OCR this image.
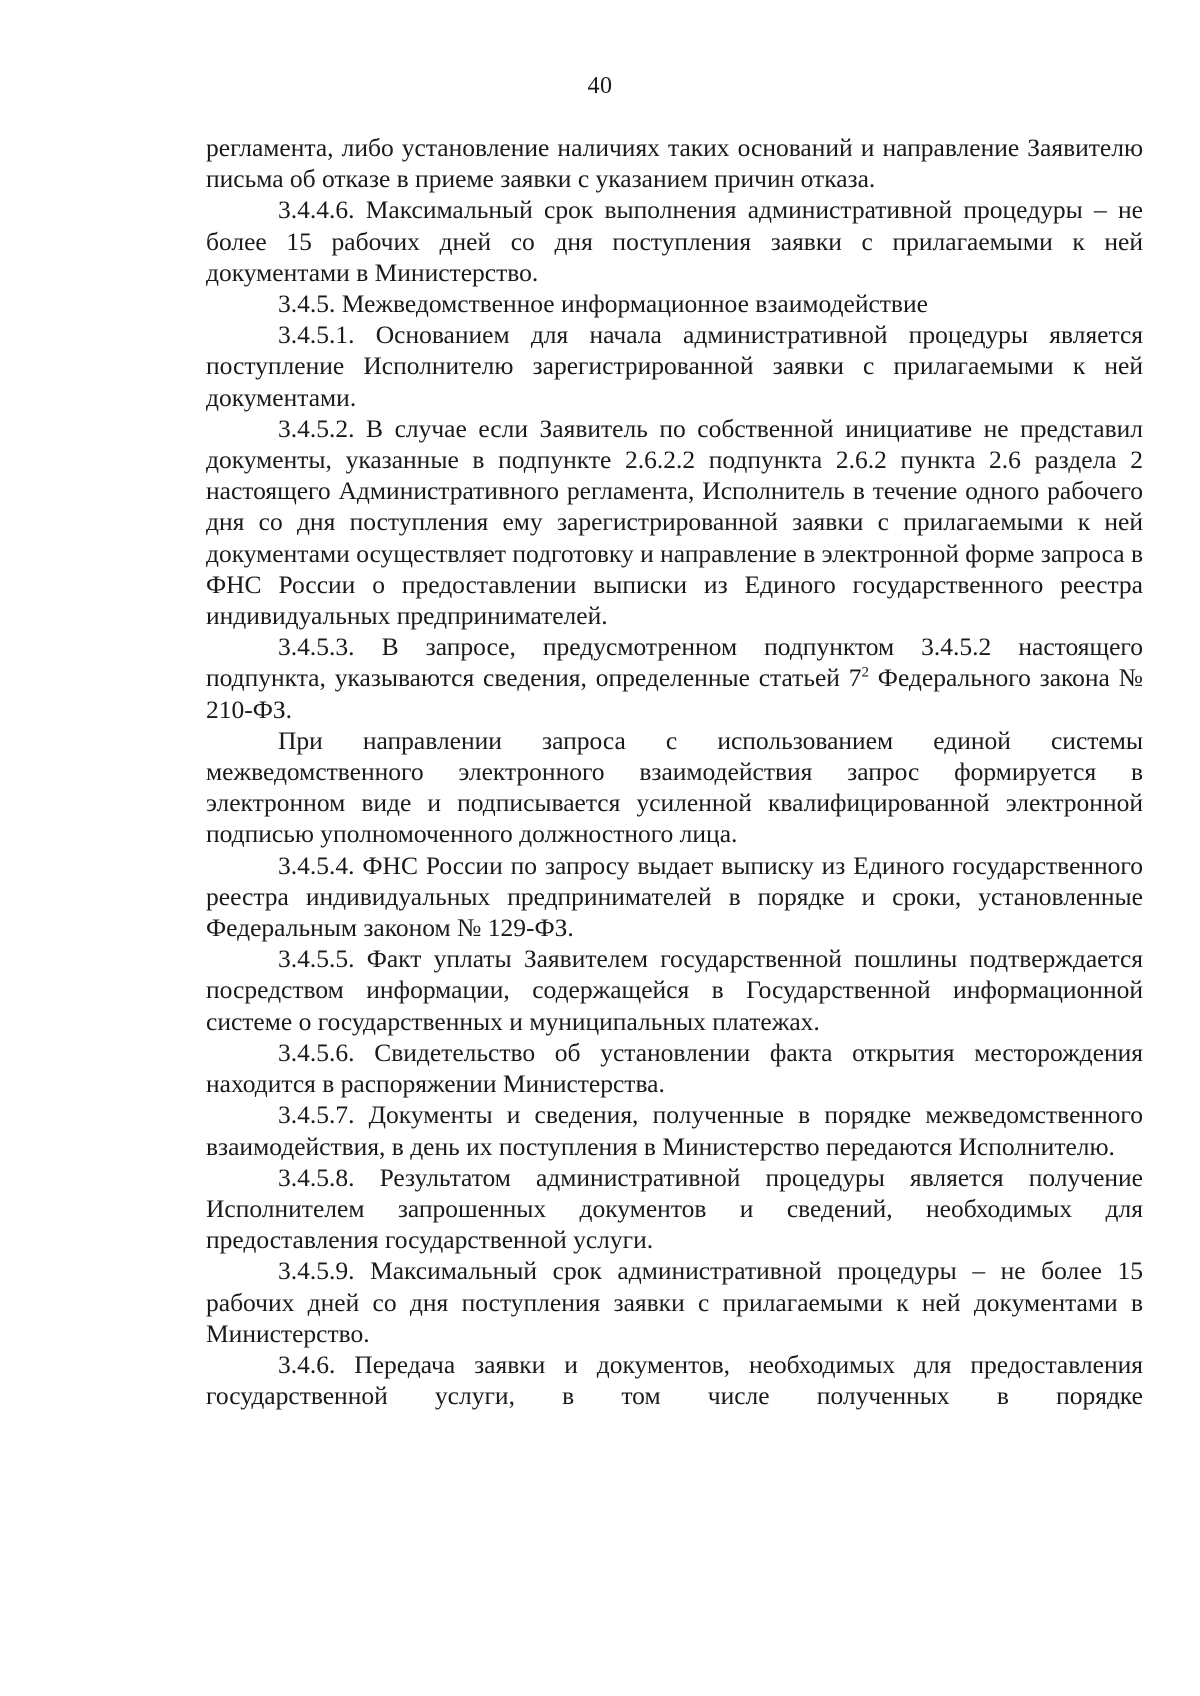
40

регламента, либо установление наличиях таких оснований и направление Заявителю письма об отказе в приеме заявки с указанием причин отказа.

3.4.4.6. Максимальный срок выполнения административной процедуры – не более 15 рабочих дней со дня поступления заявки с прилагаемыми к ней документами в Министерство.

3.4.5. Межведомственное информационное взаимодействие

3.4.5.1. Основанием для начала административной процедуры является поступление Исполнителю зарегистрированной заявки с прилагаемыми к ней документами.

3.4.5.2. В случае если Заявитель по собственной инициативе не представил документы, указанные в подпункте 2.6.2.2 подпункта 2.6.2 пункта 2.6 раздела 2 настоящего Административного регламента, Исполнитель в течение одного рабочего дня со дня поступления ему зарегистрированной заявки с прилагаемыми к ней документами осуществляет подготовку и направление в электронной форме запроса в ФНС России о предоставлении выписки из Единого государственного реестра индивидуальных предпринимателей.

3.4.5.3. В запросе, предусмотренном подпунктом 3.4.5.2 настоящего подпункта, указываются сведения, определенные статьей $7^2$ Федерального закона № 210-ФЗ.

При направлении запроса с использованием единой системы межведомственного электронного взаимодействия запрос формируется в электронном виде и подписывается усиленной квалифицированной электронной подписью уполномоченного должностного лица.

3.4.5.4. ФНС России по запросу выдает выписку из Единого государственного реестра индивидуальных предпринимателей в порядке и сроки, установленные Федеральным законом № 129-ФЗ.

3.4.5.5. Факт уплаты Заявителем государственной пошлины подтверждается посредством информации, содержащейся в Государственной информационной системе о государственных и муниципальных платежах.

3.4.5.6. Свидетельство об установлении факта открытия месторождения находится в распоряжении Министерства.

3.4.5.7. Документы и сведения, полученные в порядке межведомственного взаимодействия, в день их поступления в Министерство передаются Исполнителю.

3.4.5.8. Результатом административной процедуры является получение Исполнителем запрошенных документов и сведений, необходимых для предоставления государственной услуги.

3.4.5.9. Максимальный срок административной процедуры – не более 15 рабочих дней со дня поступления заявки с прилагаемыми к ней документами в Министерство.

3.4.6. Передача заявки и документов, необходимых для предоставления государственной услуги, в том числе полученных в порядке
